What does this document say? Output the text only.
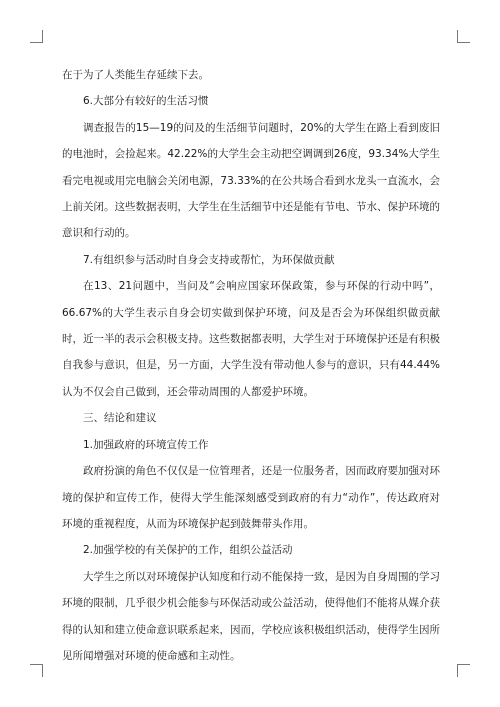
在于为了人类能生存延续下去。

6.大部分有较好的生活习惯

调查报告的15—19的问及的生活细节问题时，20%的大学生在路上看到废旧的电池时，会捡起来。42.22%的大学生会主动把空调调到26度，93.34%大学生看完电视或用完电脑会关闭电源，73.33%的在公共场合看到水龙头一直流水，会上前关闭。这些数据表明，大学生在生活细节中还是能有节电、节水、保护环境的意识和行动的。

7.有组织参与活动时自身会支持或帮忙，为环保做贡献

在13、21问题中，当问及“会响应国家环保政策，参与环保的行动中吗”，66.67%的大学生表示自身会切实做到保护环境，问及是否会为环保组织做贡献时，近一半的表示会积极支持。这些数据都表明，大学生对于环境保护还是有积极自我参与意识，但是，另一方面，大学生没有带动他人参与的意识，只有44.44%认为不仅会自己做到，还会带动周围的人都爱护环境。

三、结论和建议

1.加强政府的环境宣传工作

政府扮演的角色不仅仅是一位管理者，还是一位服务者，因而政府要加强对环境的保护和宣传工作，使得大学生能深刻感受到政府的有力“动作”，传达政府对环境的重视程度，从而为环境保护起到鼓舞带头作用。

2.加强学校的有关保护的工作，组织公益活动

大学生之所以对环境保护认知度和行动不能保持一致，是因为自身周围的学习环境的限制，几乎很少机会能参与环保活动或公益活动，使得他们不能将从媒介获得的认知和建立使命意识联系起来，因而，学校应该积极组织活动，使得学生因所见所闻增强对环境的使命感和主动性。
